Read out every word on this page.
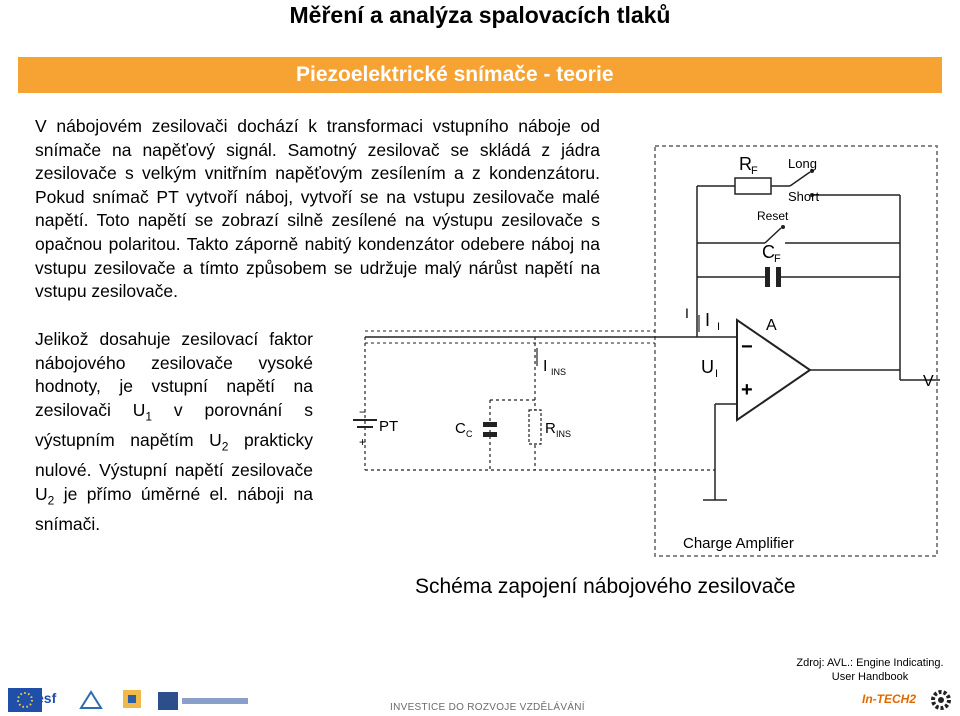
Měření a analýza spalovacích tlaků
Piezoelektrické snímače - teorie

V nábojovém zesilovači dochází k transformaci vstupního náboje od snímače na napěťový signál. Samotný zesilovač se skládá z jádra zesilovače s velkým vnitřním napěťovým zesílením a z kondenzátoru. Pokud snímač PT vytvoří náboj, vytvoří se na vstupu zesilovače malé napětí. Toto napětí se zobrazí silně zesílené na výstupu zesilovače s opačnou polaritou. Takto záporně nabitý kondenzátor odebere náboj na vstupu zesilovače a tímto způsobem se udržuje malý nárůst napětí na vstupu zesilovače.

Jelikož dosahuje zesilovací faktor nábojového zesilovače vysoké hodnoty, je vstupní napětí na zesilovači $U_1$ v porovnání s výstupním napětím $U_2$ prakticky nulové. Výstupní napětí zesilovače $U_2$ je přímo úměrné el. náboji na snímači.

R F Long
Short
Reset
C F
I I I
U I
A
−
+	V
I INS
PT
−
+
C C	R INS
Charge Amplifier
Schéma zapojení nábojového zesilovače
Zdroj: AVL.: Engine Indicating.
User Handbook
esf
INVESTICE DO ROZVOJE VZDĚLÁVÁNÍ
In-TECH2
